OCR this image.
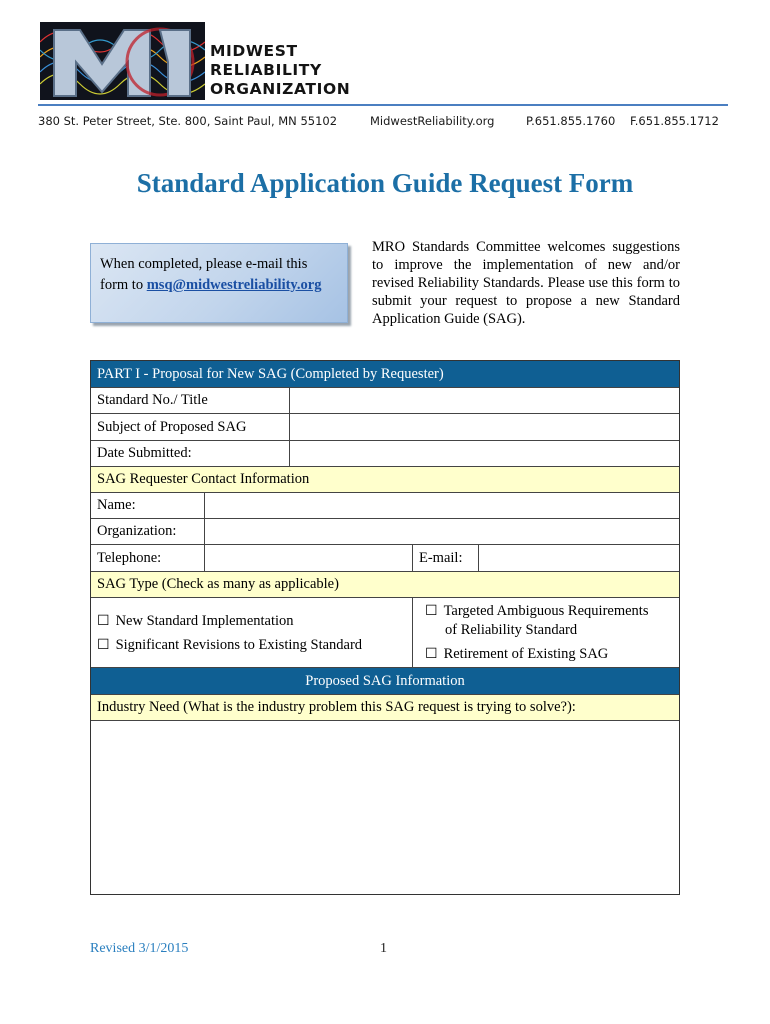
MIDWEST
RELIABILITY
ORGANIZATION
380 St. Peter Street, Ste. 800, Saint Paul, MN 55102	MidwestReliability.org	P.651.855.1760 F.651.855.1712
Standard Application Guide Request Form
When completed, please e-mail this
form to msq@midwestreliability.org
MRO Standards Committee welcomes suggestions to improve the implementation of new and/or revised Reliability Standards. Please use this form to submit your request to propose a new Standard Application Guide (SAG).
PART I - Proposal for New SAG (Completed by Requester)
Standard No./ Title
Subject of Proposed SAG
Date Submitted:
SAG Requester Contact Information
Name:
Organization:
Telephone:	E-mail:
SAG Type (Check as many as applicable)
☐ New Standard Implementation
☐ Significant Revisions to Existing Standard
☐ Targeted Ambiguous Requirements
of Reliability Standard
☐ Retirement of Existing SAG
Proposed SAG Information
Industry Need (What is the industry problem this SAG request is trying to solve?):
Revised 3/1/2015	1
